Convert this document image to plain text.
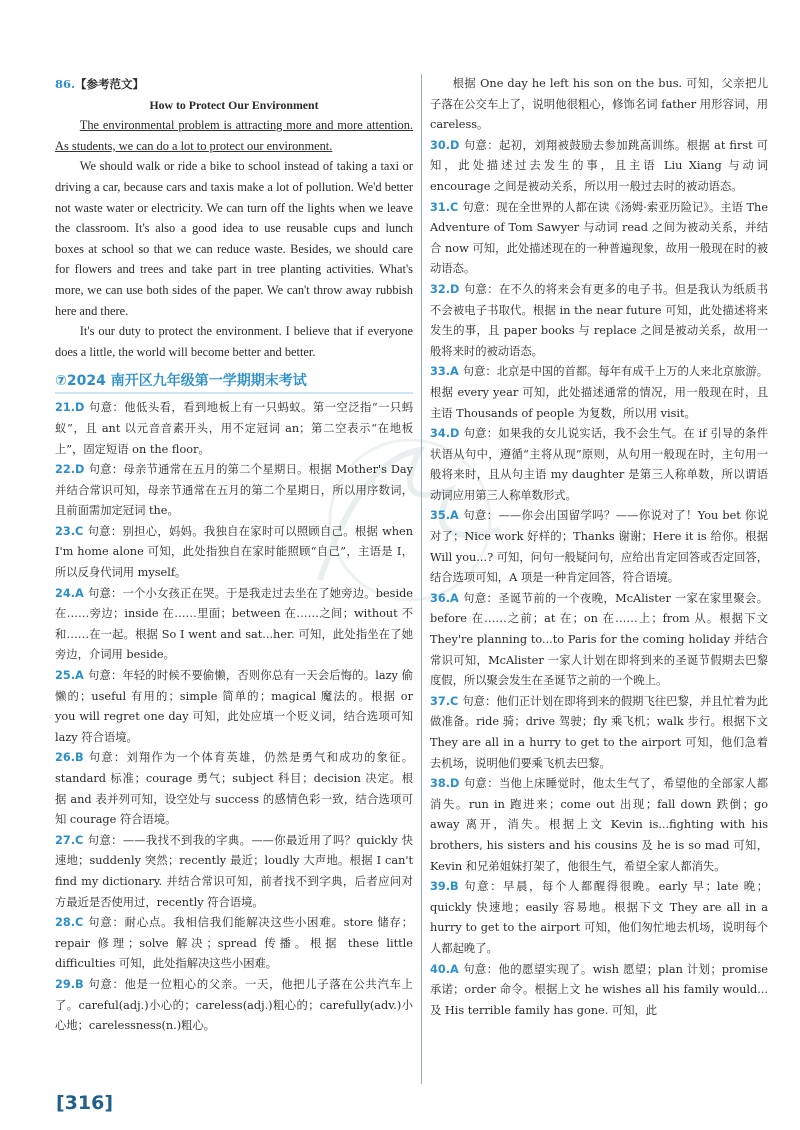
86.【参考范文】

How to Protect Our Environment

The environmental problem is attracting more and more attention. As students, we can do a lot to protect our environment.

We should walk or ride a bike to school instead of taking a taxi or driving a car, because cars and taxis make a lot of pollution. We'd better not waste water or electricity. We can turn off the lights when we leave the classroom. It's also a good idea to use reusable cups and lunch boxes at school so that we can reduce waste. Besides, we should care for flowers and trees and take part in tree planting activities. What's more, we can use both sides of the paper. We can't throw away rubbish here and there.

It's our duty to protect the environment. I believe that if everyone does a little, the world will become better and better.

⑦2024 南开区九年级第一学期期末考试

21.D 句意：他低头看，看到地板上有一只蚂蚁。第一空泛指“一只蚂蚁”，且 ant 以元音音素开头，用不定冠词 an；第二空表示“在地板上”，固定短语 on the floor。

22.D 句意：母亲节通常在五月的第二个星期日。根据 Mother's Day 并结合常识可知，母亲节通常在五月的第二个星期日，所以用序数词，且前面需加定冠词 the。

23.C 句意：别担心，妈妈。我独自在家时可以照顾自己。根据 when I'm home alone 可知，此处指独自在家时能照顾“自己”，主语是 I，所以反身代词用 myself。

24.A 句意：一个小女孩正在哭。于是我走过去坐在了她旁边。beside 在……旁边；inside 在……里面；between 在……之间；without 不和……在一起。根据 So I went and sat...her. 可知，此处指坐在了她旁边，介词用 beside。

25.A 句意：年轻的时候不要偷懒，否则你总有一天会后悔的。lazy 偷懒的；useful 有用的；simple 简单的；magical 魔法的。根据 or you will regret one day 可知，此处应填一个贬义词，结合选项可知 lazy 符合语境。

26.B 句意：刘翔作为一个体育英雄，仍然是勇气和成功的象征。standard 标准；courage 勇气；subject 科目；decision 决定。根据 and 表并列可知，设空处与 success 的感情色彩一致，结合选项可知 courage 符合语境。

27.C 句意：——我找不到我的字典。——你最近用了吗？quickly 快速地；suddenly 突然；recently 最近；loudly 大声地。根据 I can't find my dictionary. 并结合常识可知，前者找不到字典，后者应问对方最近是否使用过，recently 符合语境。

28.C 句意：耐心点。我相信我们能解决这些小困难。store 储存；repair 修理；solve 解决；spread 传播。根据 these little difficulties 可知，此处指解决这些小困难。

29.B 句意：他是一位粗心的父亲。一天，他把儿子落在公共汽车上了。careful(adj.)小心的；careless(adj.)粗心的；carefully(adv.)小心地；carelessness(n.)粗心。

根据 One day he left his son on the bus. 可知，父亲把儿子落在公交车上了，说明他很粗心，修饰名词 father 用形容词，用 careless。

30.D 句意：起初，刘翔被鼓励去参加跳高训练。根据 at first 可知，此处描述过去发生的事，且主语 Liu Xiang 与动词 encourage 之间是被动关系，所以用一般过去时的被动语态。

31.C 句意：现在全世界的人都在读《汤姆·索亚历险记》。主语 The Adventure of Tom Sawyer 与动词 read 之间为被动关系，并结合 now 可知，此处描述现在的一种普遍现象，故用一般现在时的被动语态。

32.D 句意：在不久的将来会有更多的电子书。但是我认为纸质书不会被电子书取代。根据 in the near future 可知，此处描述将来发生的事，且 paper books 与 replace 之间是被动关系，故用一般将来时的被动语态。

33.A 句意：北京是中国的首都。每年有成千上万的人来北京旅游。根据 every year 可知，此处描述通常的情况，用一般现在时，且主语 Thousands of people 为复数，所以用 visit。

34.D 句意：如果我的女儿说实话，我不会生气。在 if 引导的条件状语从句中，遵循“主将从现”原则，从句用一般现在时，主句用一般将来时，且从句主语 my daughter 是第三人称单数，所以谓语动词应用第三人称单数形式。

35.A 句意：——你会出国留学吗？——你说对了！You bet 你说对了；Nice work 好样的；Thanks 谢谢；Here it is 给你。根据 Will you...? 可知，问句一般疑问句，应给出肯定回答或否定回答，结合选项可知，A 项是一种肯定回答，符合语境。

36.A 句意：圣诞节前的一个夜晚，McAlister 一家在家里聚会。before 在……之前；at 在；on 在……上；from 从。根据下文 They're planning to...to Paris for the coming holiday 并结合常识可知，McAlister 一家人计划在即将到来的圣诞节假期去巴黎度假，所以聚会发生在圣诞节之前的一个晚上。

37.C 句意：他们正计划在即将到来的假期飞往巴黎，并且忙着为此做准备。ride 骑；drive 驾驶；fly 乘飞机；walk 步行。根据下文 They are all in a hurry to get to the airport 可知，他们急着去机场，说明他们要乘飞机去巴黎。

38.D 句意：当他上床睡觉时，他太生气了，希望他的全部家人都消失。run in 跑进来；come out 出现；fall down 跌倒；go away 离开，消失。根据上文 Kevin is...fighting with his brothers, his sisters and his cousins 及 he is so mad 可知，Kevin 和兄弟姐妹打架了，他很生气，希望全家人都消失。

39.B 句意：早晨，每个人都醒得很晚。early 早；late 晚；quickly 快速地；easily 容易地。根据下文 They are all in a hurry to get to the airport 可知，他们匆忙地去机场，说明每个人都起晚了。

40.A 句意：他的愿望实现了。wish 愿望；plan 计划；promise 承诺；order 命令。根据上文 he wishes all his family would...及 His terrible family has gone. 可知，此

[316]
